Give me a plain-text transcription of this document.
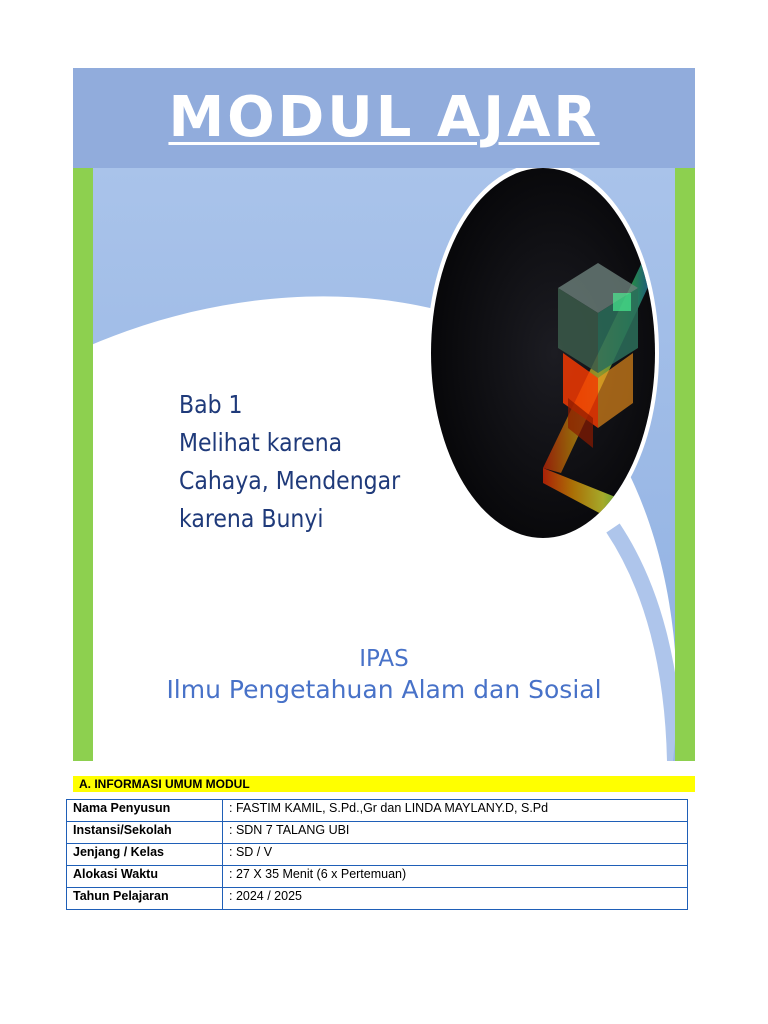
MODUL AJAR
Bab 1
Melihat karena
Cahaya, Mendengar
karena Bunyi
IPAS
Ilmu Pengetahuan Alam dan Sosial
A. INFORMASI UMUM MODUL
Nama Penyusun	: FASTIM KAMIL, S.Pd.,Gr dan LINDA MAYLANY.D, S.Pd
Instansi/Sekolah	: SDN 7 TALANG UBI
Jenjang / Kelas	: SD / V
Alokasi Waktu	: 27 X 35 Menit (6 x Pertemuan)
Tahun Pelajaran	: 2024 / 2025
